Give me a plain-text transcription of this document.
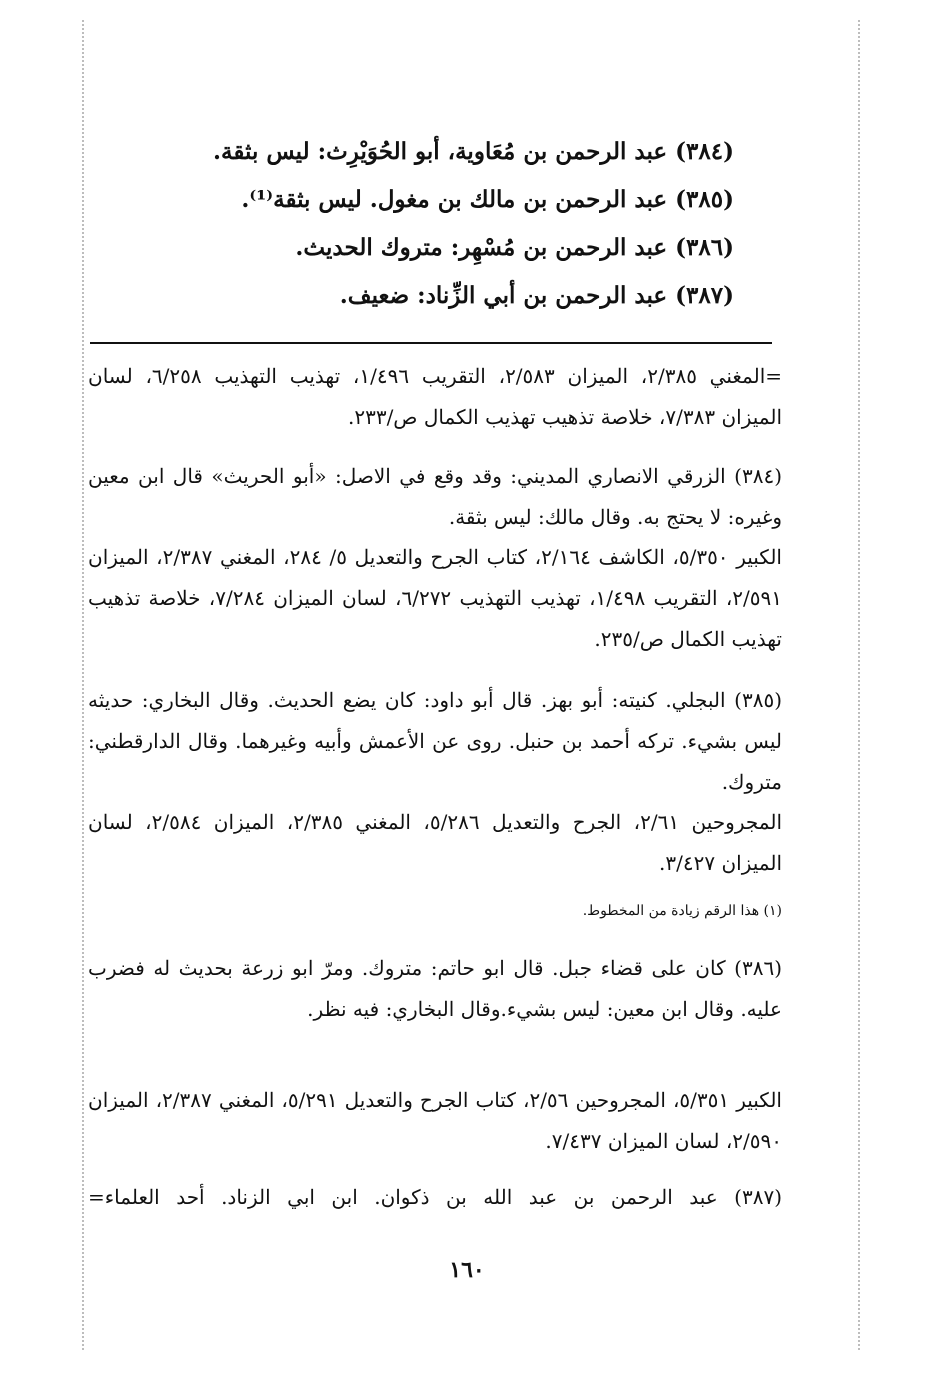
(٣٨٤) عبد الرحمن بن مُعَاوية، أبو الحُوَيْرِث: ليس بثقة.
(٣٨٥) عبد الرحمن بن مالك بن مغول. ليس بثقة⁽¹⁾.
(٣٨٦) عبد الرحمن بن مُسْهِر: متروك الحديث.
(٣٨٧) عبد الرحمن بن أبي الزِّناد: ضعيف.

=المغني ٢/٣٨٥، الميزان ٢/٥٨٣، التقريب ١/٤٩٦، تهذيب التهذيب ٦/٢٥٨، لسان الميزان ٧/٣٨٣، خلاصة تذهيب تهذيب الكمال ص/٢٣٣.

(٣٨٤) الزرقي الانصاري المديني: وقد وقع في الاصل: «أبو الحريث» قال ابن معين وغيره: لا يحتج به. وقال مالك: ليس بثقة.

الكبير ٥/٣٥٠، الكاشف ٢/١٦٤، كتاب الجرح والتعديل ٥/ ٢٨٤، المغني ٢/٣٨٧، الميزان ٢/٥٩١، التقريب ١/٤٩٨، تهذيب التهذيب ٦/٢٧٢، لسان الميزان ٧/٢٨٤، خلاصة تذهيب تهذيب الكمال ص/٢٣٥.

(٣٨٥) البجلي. كنيته: أبو بهز. قال أبو داود: كان يضع الحديث. وقال البخاري: حديثه ليس بشيء. تركه أحمد بن حنبل. روى عن الأعمش وأبيه وغيرهما. وقال الدارقطني: متروك.

المجروحين ٢/٦١، الجرح والتعديل ٥/٢٨٦، المغني ٢/٣٨٥، الميزان ٢/٥٨٤، لسان الميزان ٣/٤٢٧.

(١) هذا الرقم زيادة من المخطوط.

(٣٨٦) كان على قضاء جبل. قال ابو حاتم: متروك. ومرّ ابو زرعة بحديث له فضرب عليه. وقال ابن معين: ليس بشيء.وقال البخاري: فيه نظر.

الكبير ٥/٣٥١، المجروحين ٢/٥٦، كتاب الجرح والتعديل ٥/٢٩١، المغني ٢/٣٨٧، الميزان ٢/٥٩٠، لسان الميزان ٧/٤٣٧.

(٣٨٧) عبد الرحمن بن عبد الله بن ذكوان. ابن ابي الزناد. أحد العلماء=

١٦٠
